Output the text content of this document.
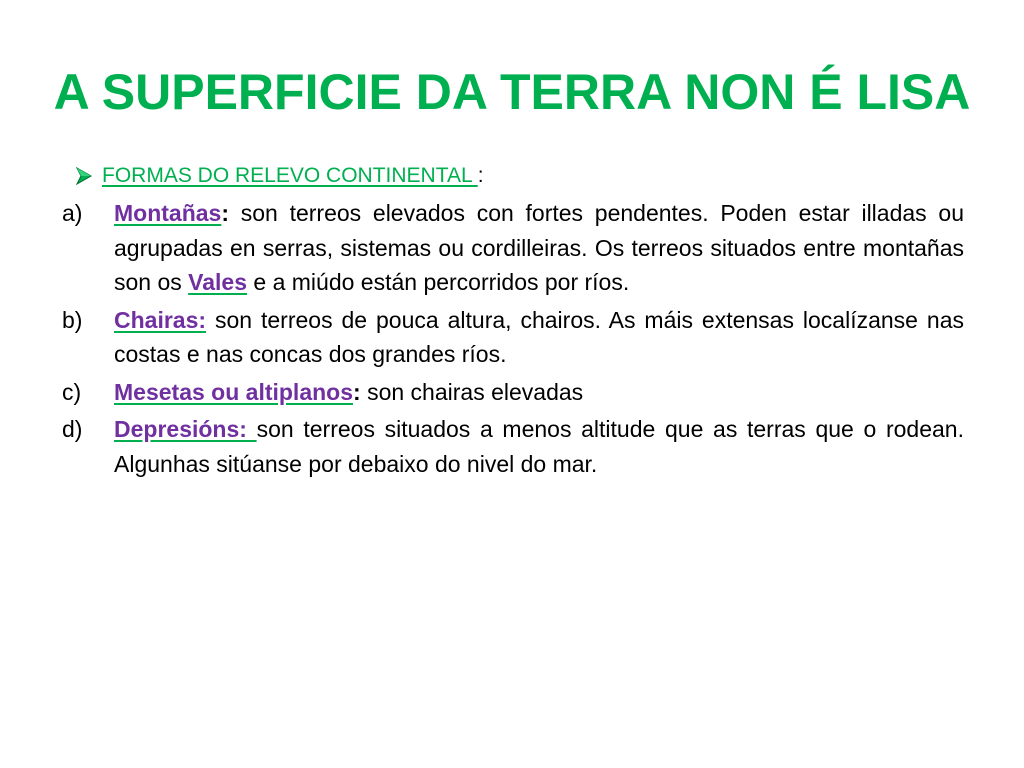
A SUPERFICIE DA TERRA NON É LISA
FORMAS DO RELEVO CONTINENTAL :
a)	Montañas: son terreos elevados con fortes pendentes. Poden estar illadas ou agrupadas en serras, sistemas ou cordilleiras. Os terreos situados entre montañas son os Vales e a miúdo están percorridos por ríos.
b)	Chairas: son terreos de pouca altura, chairos. As máis extensas localízanse nas costas e nas concas dos grandes ríos.
c)	Mesetas ou altiplanos: son chairas elevadas
d)	Depresións: son terreos situados a menos altitude que as terras que o rodean. Algunhas sitúanse por debaixo do nivel do mar.
